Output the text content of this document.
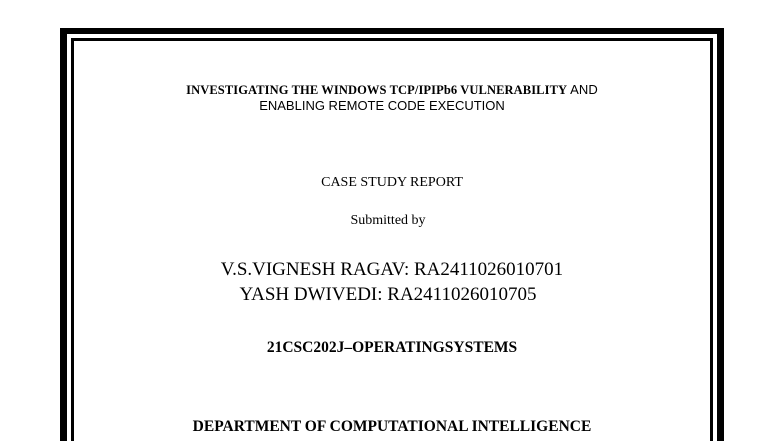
INVESTIGATING THE WINDOWS TCP/IPIPb6 VULNERABILITY AND
ENABLING REMOTE CODE EXECUTION
CASE STUDY REPORT
Submitted by
V.S.VIGNESH RAGAV: RA2411026010701
YASH DWIVEDI: RA2411026010705
21CSC202J–OPERATINGSYSTEMS
DEPARTMENT OF COMPUTATIONAL INTELLIGENCE
